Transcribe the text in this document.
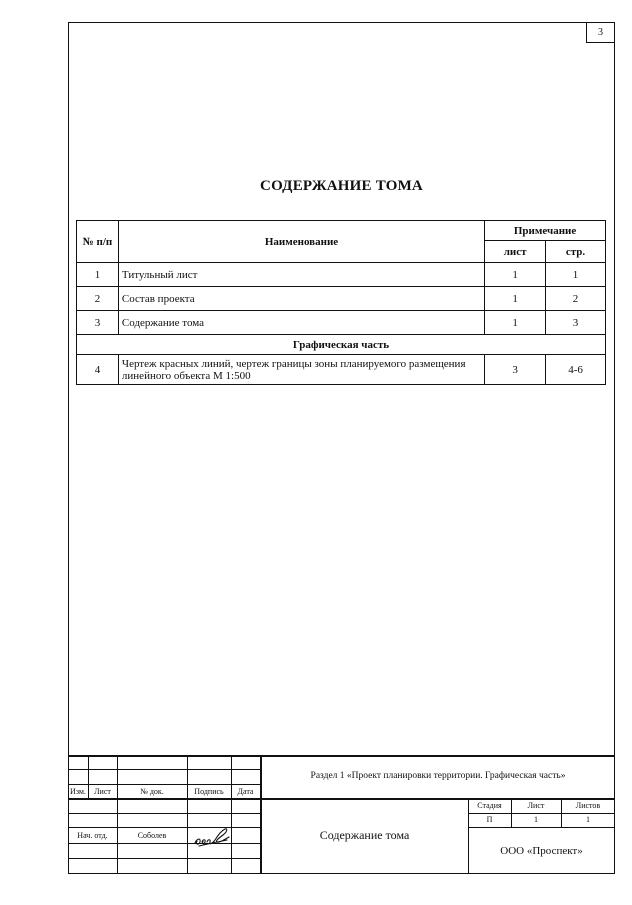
3
СОДЕРЖАНИЕ ТОМА
№ п/п	Наименование	Примечание	
		лист	стр.
1	Титульный лист	1	1
2	Состав проекта	1	2
3	Содержание тома	1	3
Графическая часть			
4	Чертеж красных линий, чертеж границы зоны планируемого размещения линейного объекта М 1:500	3	4-6
Изм.	Лист	№ док.	Подпись	Дата
Нач. отд.	Соболев
Раздел 1 «Проект планировки территории. Графическая часть»
Содержание тома
Стадия	Лист	Листов
П	1	1
ООО «Проспект»
